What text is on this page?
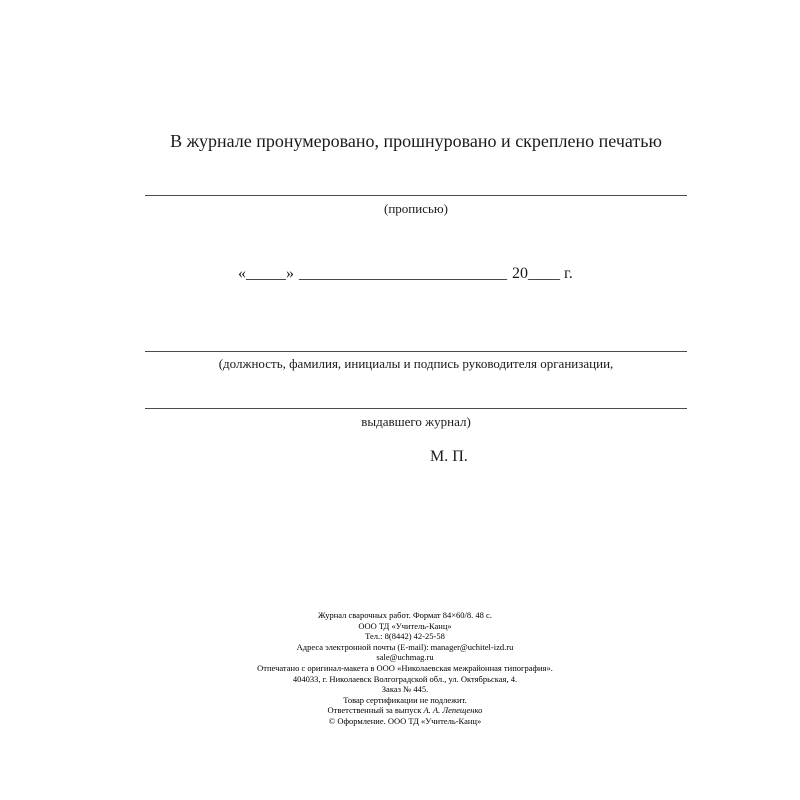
В журнале пронумеровано, прошнуровано и скреплено печатью
(прописью)
«_____» __________________________ 20____ г.
(должность, фамилия, инициалы и подпись руководителя организации,
выдавшего журнал)
М. П.
Журнал сварочных работ. Формат 84×60/8. 48 с.
ООО ТД «Учитель-Канц»
Тел.: 8(8442) 42-25-58
Адреса электронной почты (E-mail): manager@uchitel-izd.ru
sale@uchmag.ru
Отпечатано с оригинал-макета в ООО «Николаевская межрайонная типография».
404033, г. Николаевск Волгоградской обл., ул. Октябрьская, 4.
Заказ № 445.
Товар сертификации не подлежит.
Ответственный за выпуск А. А. Лепещенко
© Оформление. ООО ТД «Учитель-Канц»
